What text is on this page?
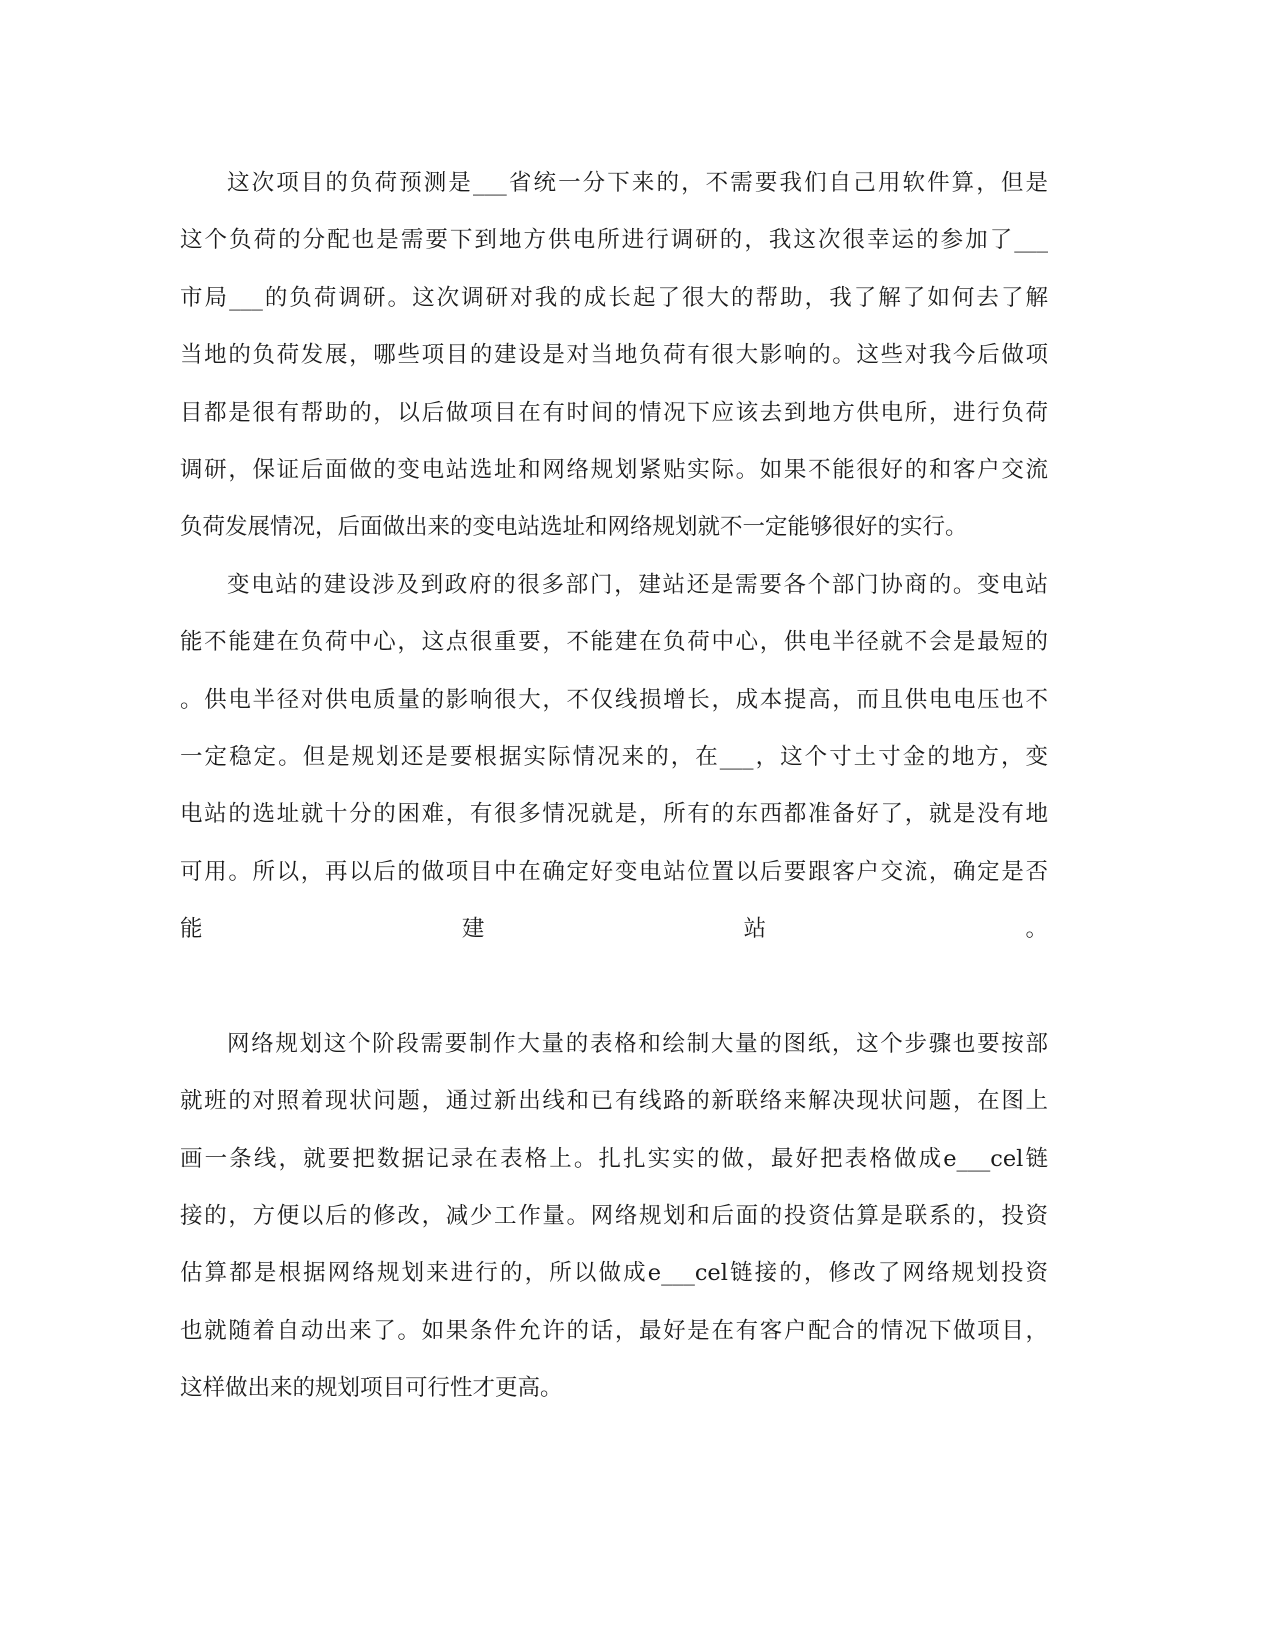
这次项目的负荷预测是___省统一分下来的，不需要我们自己用软件算，但是
这个负荷的分配也是需要下到地方供电所进行调研的，我这次很幸运的参加了___
市局___的负荷调研。这次调研对我的成长起了很大的帮助，我了解了如何去了解
当地的负荷发展，哪些项目的建设是对当地负荷有很大影响的。这些对我今后做项
目都是很有帮助的，以后做项目在有时间的情况下应该去到地方供电所，进行负荷
调研，保证后面做的变电站选址和网络规划紧贴实际。如果不能很好的和客户交流
负荷发展情况，后面做出来的变电站选址和网络规划就不一定能够很好的实行。
变电站的建设涉及到政府的很多部门，建站还是需要各个部门协商的。变电站
能不能建在负荷中心，这点很重要，不能建在负荷中心，供电半径就不会是最短的
。供电半径对供电质量的影响很大，不仅线损增长，成本提高，而且供电电压也不
一定稳定。但是规划还是要根据实际情况来的，在___，这个寸土寸金的地方，变
电站的选址就十分的困难，有很多情况就是，所有的东西都准备好了，就是没有地
可用。所以，再以后的做项目中在确定好变电站位置以后要跟客户交流，确定是否
能建站。
网络规划这个阶段需要制作大量的表格和绘制大量的图纸，这个步骤也要按部
就班的对照着现状问题，通过新出线和已有线路的新联络来解决现状问题，在图上
画一条线，就要把数据记录在表格上。扎扎实实的做，最好把表格做成e___cel链
接的，方便以后的修改，减少工作量。网络规划和后面的投资估算是联系的，投资
估算都是根据网络规划来进行的，所以做成e___cel链接的，修改了网络规划投资
也就随着自动出来了。如果条件允许的话，最好是在有客户配合的情况下做项目，
这样做出来的规划项目可行性才更高。
